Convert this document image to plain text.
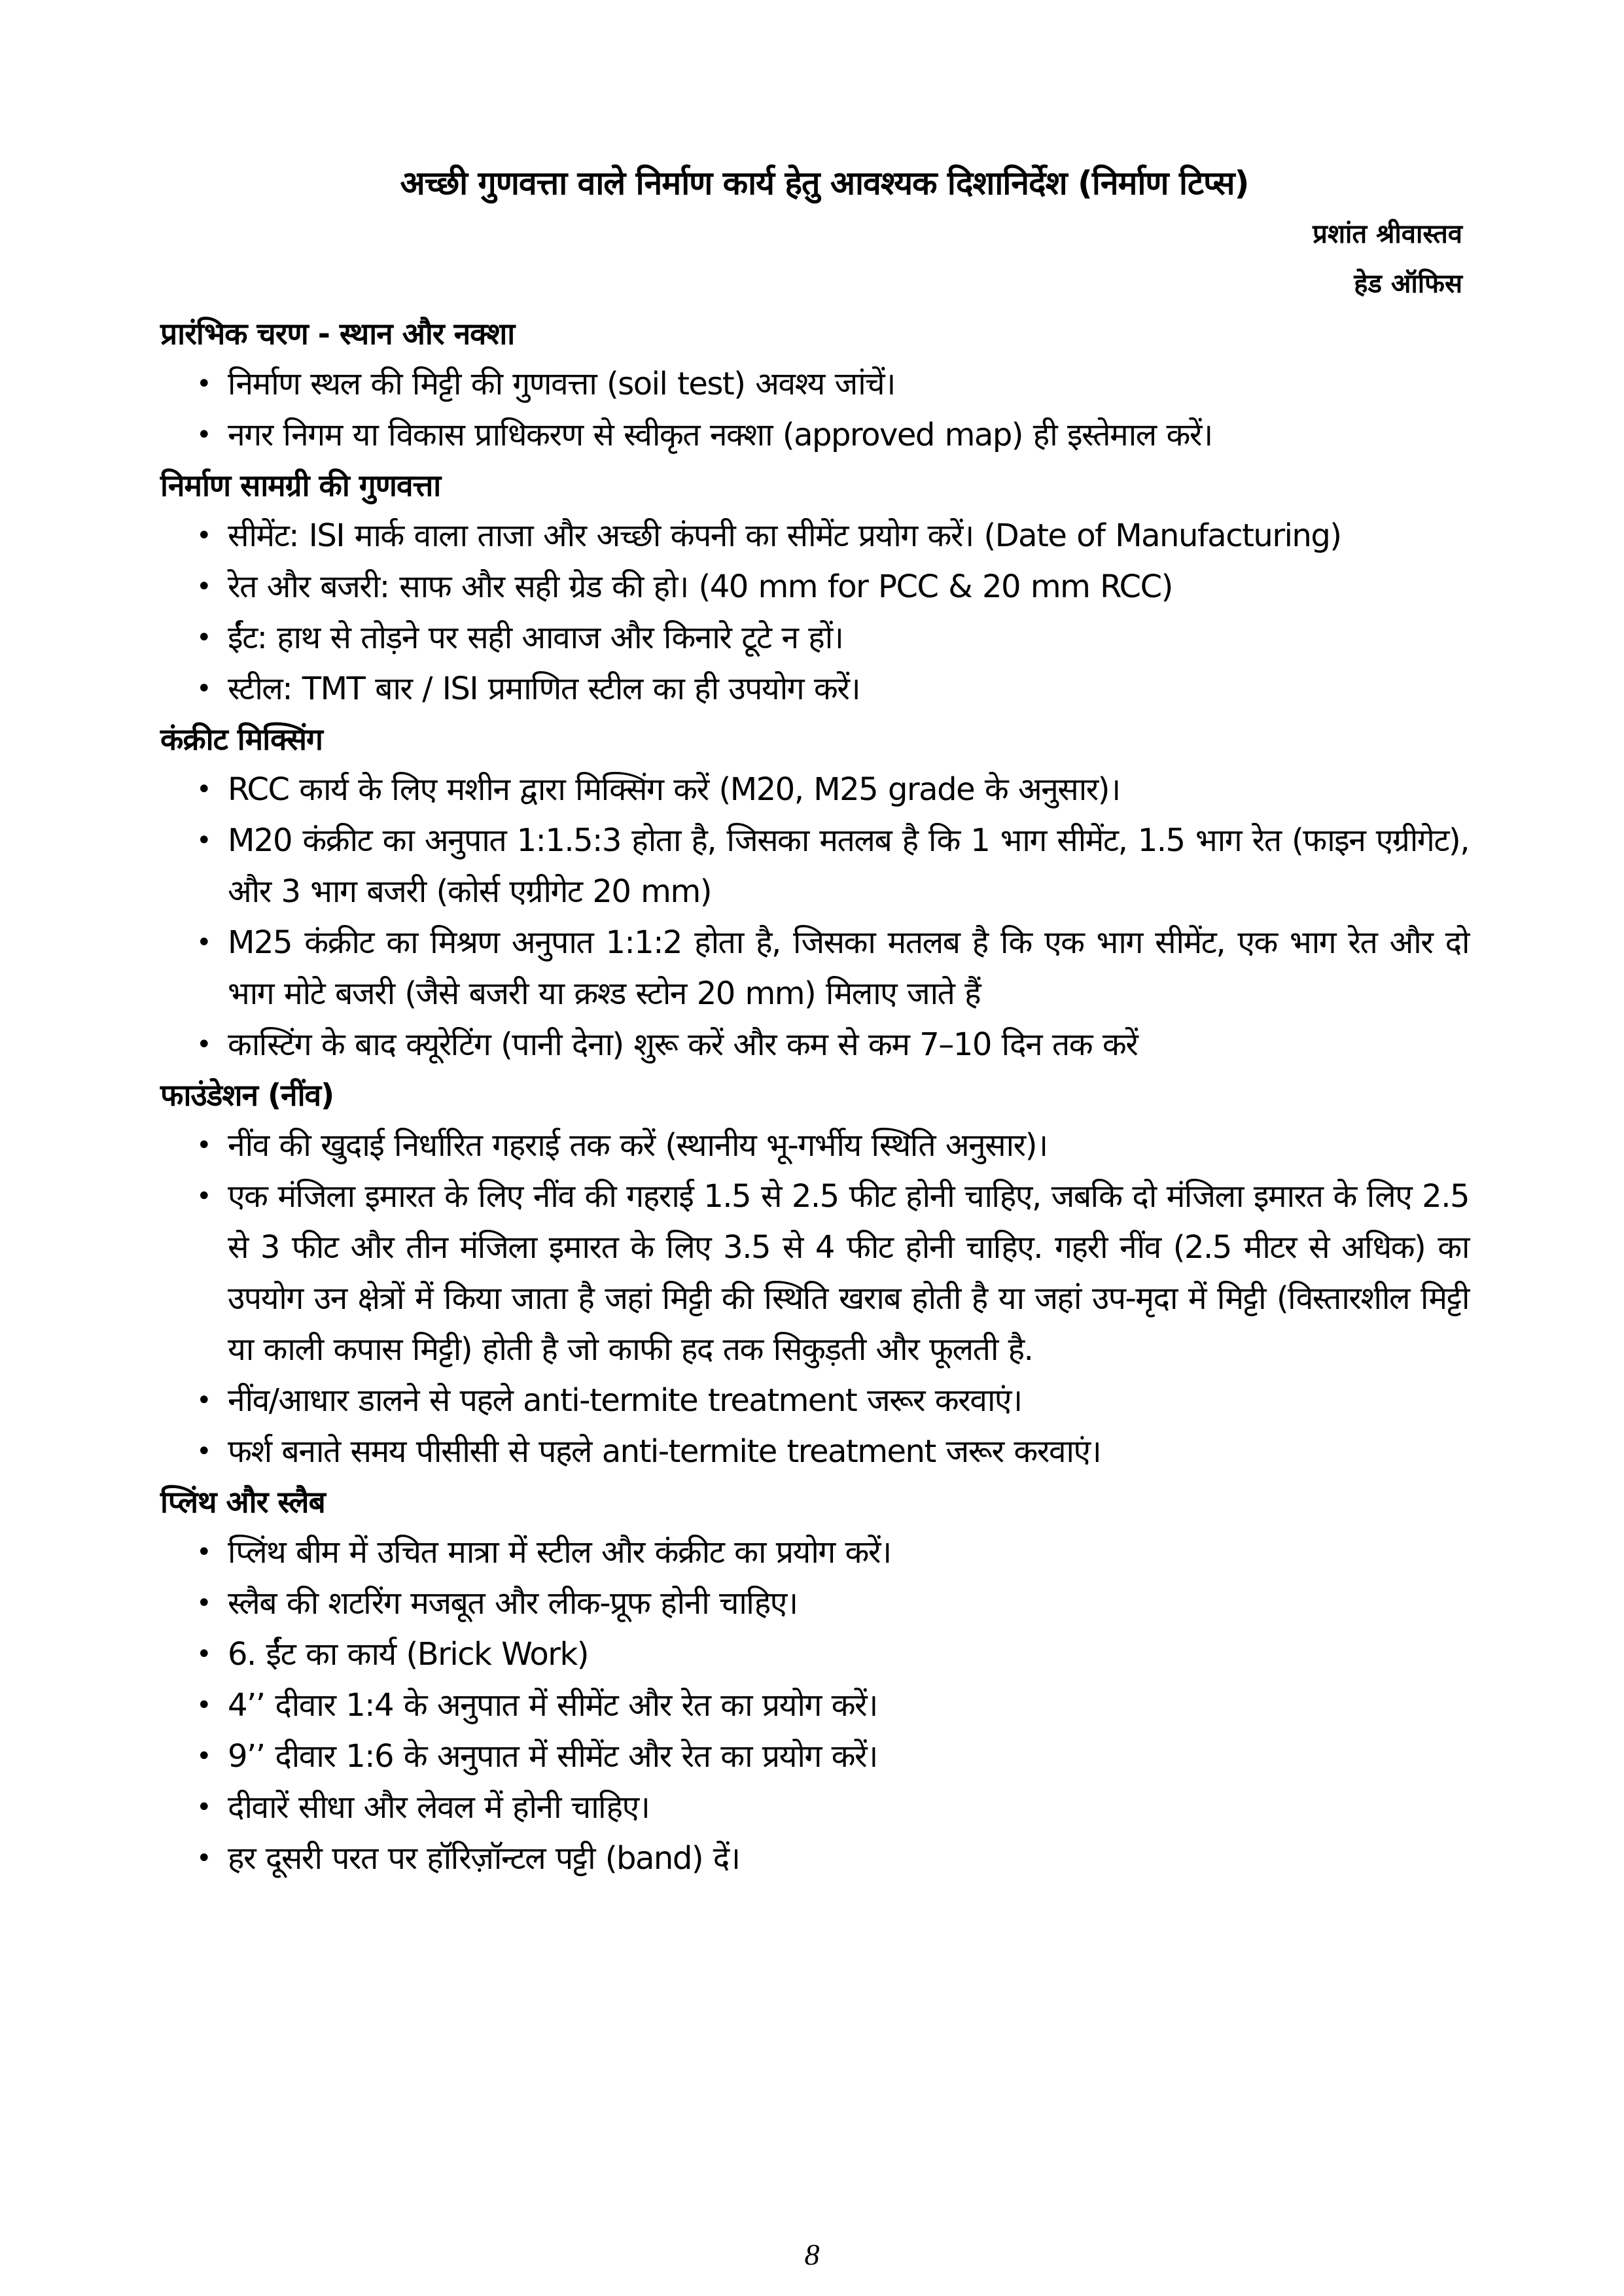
अच्छी गुणवत्ता वाले निर्माण कार्य हेतु आवश्यक दिशानिर्देश (निर्माण टिप्स)
प्रशांत श्रीवास्तव
हेड ऑफिस
प्रारंभिक चरण - स्थान और नक्शा
• निर्माण स्थल की मिट्टी की गुणवत्ता (soil test) अवश्य जांचें।
• नगर निगम या विकास प्राधिकरण से स्वीकृत नक्शा (approved map) ही इस्तेमाल करें।
निर्माण सामग्री की गुणवत्ता
• सीमेंट: ISI मार्क वाला ताजा और अच्छी कंपनी का सीमेंट प्रयोग करें। (Date of Manufacturing)
• रेत और बजरी: साफ और सही ग्रेड की हो। (40 mm for PCC & 20 mm RCC)
• ईंट: हाथ से तोड़ने पर सही आवाज और किनारे टूटे न हों।
• स्टील: TMT बार / ISI प्रमाणित स्टील का ही उपयोग करें।
कंक्रीट मिक्सिंग
• RCC कार्य के लिए मशीन द्वारा मिक्सिंग करें (M20, M25 grade के अनुसार)।
• M20 कंक्रीट का अनुपात 1:1.5:3 होता है, जिसका मतलब है कि 1 भाग सीमेंट, 1.5 भाग रेत (फाइन एग्रीगेट), और 3 भाग बजरी (कोर्स एग्रीगेट 20 mm)
• M25 कंक्रीट का मिश्रण अनुपात 1:1:2 होता है, जिसका मतलब है कि एक भाग सीमेंट, एक भाग रेत और दो भाग मोटे बजरी (जैसे बजरी या क्रश्ड स्टोन 20 mm) मिलाए जाते हैं
• कास्टिंग के बाद क्यूरेटिंग (पानी देना) शुरू करें और कम से कम 7–10 दिन तक करें
फाउंडेशन (नींव)
• नींव की खुदाई निर्धारित गहराई तक करें (स्थानीय भू-गर्भीय स्थिति अनुसार)।
• एक मंजिला इमारत के लिए नींव की गहराई 1.5 से 2.5 फीट होनी चाहिए, जबकि दो मंजिला इमारत के लिए 2.5 से 3 फीट और तीन मंजिला इमारत के लिए 3.5 से 4 फीट होनी चाहिए. गहरी नींव (2.5 मीटर से अधिक) का उपयोग उन क्षेत्रों में किया जाता है जहां मिट्टी की स्थिति खराब होती है या जहां उप-मृदा में मिट्टी (विस्तारशील मिट्टी या काली कपास मिट्टी) होती है जो काफी हद तक सिकुड़ती और फूलती है.
• नींव/आधार डालने से पहले anti-termite treatment जरूर करवाएं।
• फर्श बनाते समय पीसीसी से पहले anti-termite treatment जरूर करवाएं।
प्लिंथ और स्लैब
• प्लिंथ बीम में उचित मात्रा में स्टील और कंक्रीट का प्रयोग करें।
• स्लैब की शटरिंग मजबूत और लीक-प्रूफ होनी चाहिए।
• 6. ईंट का कार्य (Brick Work)
• 4’’ दीवार 1:4 के अनुपात में सीमेंट और रेत का प्रयोग करें।
• 9’’ दीवार 1:6 के अनुपात में सीमेंट और रेत का प्रयोग करें।
• दीवारें सीधा और लेवल में होनी चाहिए।
• हर दूसरी परत पर हॉरिज़ॉन्टल पट्टी (band) दें।
8
